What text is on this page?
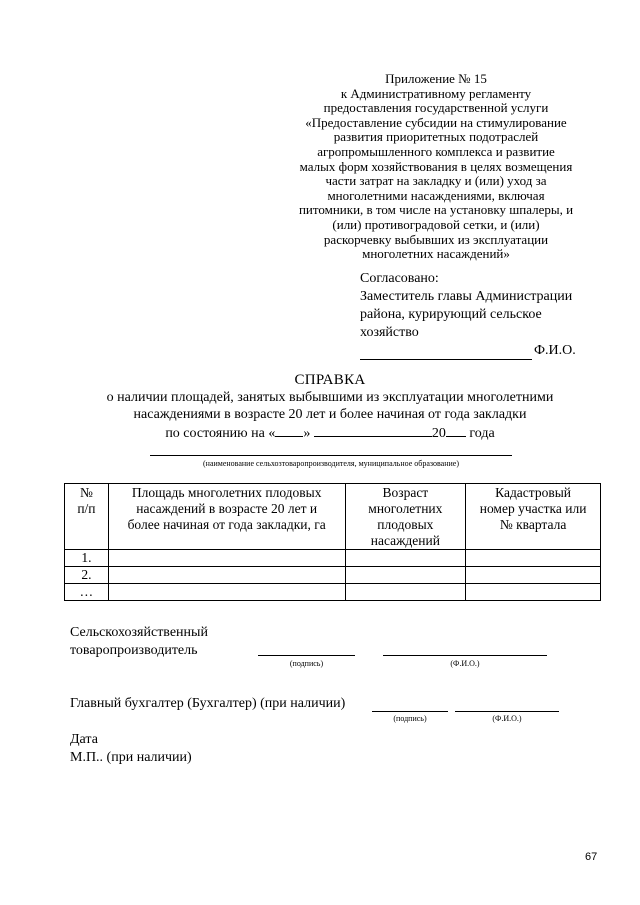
Приложение № 15
к Административному регламенту
предоставления государственной услуги
«Предоставление субсидии на стимулирование
развития приоритетных подотраслей
агропромышленного комплекса и развитие
малых форм хозяйствования в целях возмещения
части затрат на закладку и (или) уход за
многолетними насаждениями, включая
питомники, в том числе на установку шпалеры, и
(или) противоградовой сетки, и (или)
раскорчевку выбывших из эксплуатации
многолетних насаждений»
Согласовано:
Заместитель главы Администрации
района, курирующий сельское
хозяйство
Ф.И.О.
СПРАВКА
о наличии площадей, занятых выбывшими из эксплуатации многолетними
насаждениями в возрасте 20 лет и более начиная от года закладки
по состоянию на « »	20 года
(наименование сельхозтоваропроизводителя, муниципальное образование)
№
п/п	Площадь многолетних плодовых
насаждений в возрасте 20 лет и
более начиная от года закладки, га	Возраст
многолетних
плодовых
насаждений	Кадастровый
номер участка или
№ квартала

1.			
2.			
…			
Сельскохозяйственный
товаропроизводитель
(подпись)	(Ф.И.О.)
Главный бухгалтер (Бухгалтер) (при наличии)
(подпись)	(Ф.И.О.)
Дата
М.П.. (при наличии)
67
